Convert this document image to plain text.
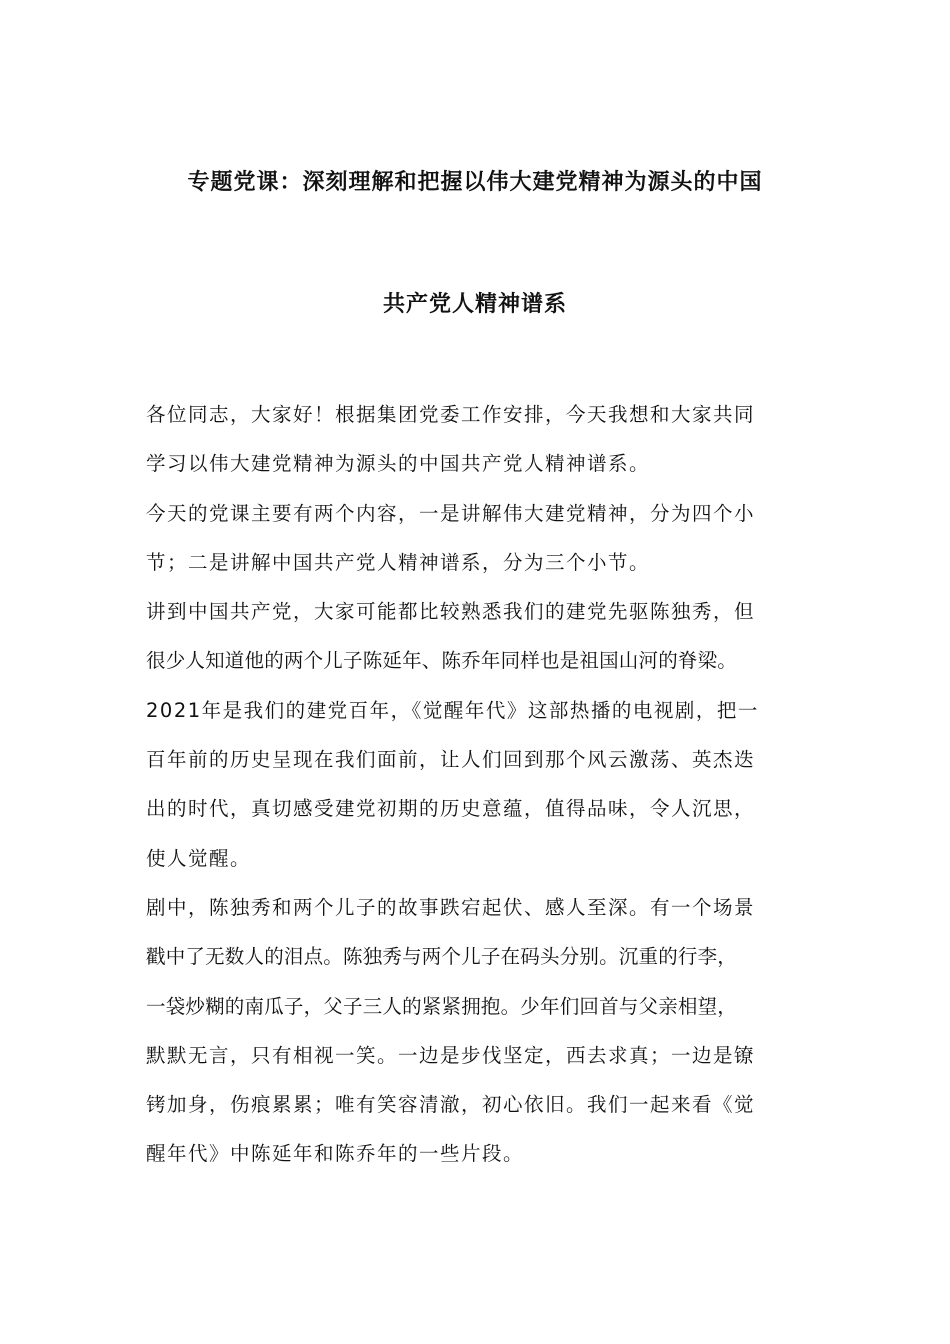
专题党课：深刻理解和把握以伟大建党精神为源头的中国
共产党人精神谱系
各位同志，大家好！根据集团党委工作安排，今天我想和大家共同
学习以伟大建党精神为源头的中国共产党人精神谱系。
今天的党课主要有两个内容，一是讲解伟大建党精神，分为四个小
节；二是讲解中国共产党人精神谱系，分为三个小节。
讲到中国共产党，大家可能都比较熟悉我们的建党先驱陈独秀，但
很少人知道他的两个儿子陈延年、陈乔年同样也是祖国山河的脊梁。
2021年是我们的建党百年，《觉醒年代》这部热播的电视剧，把一
百年前的历史呈现在我们面前，让人们回到那个风云激荡、英杰迭
出的时代，真切感受建党初期的历史意蕴，值得品味，令人沉思，
使人觉醒。
剧中，陈独秀和两个儿子的故事跌宕起伏、感人至深。有一个场景
戳中了无数人的泪点。陈独秀与两个儿子在码头分别。沉重的行李，
一袋炒糊的南瓜子，父子三人的紧紧拥抱。少年们回首与父亲相望，
默默无言，只有相视一笑。一边是步伐坚定，西去求真；一边是镣
铐加身，伤痕累累；唯有笑容清澈，初心依旧。我们一起来看《觉
醒年代》中陈延年和陈乔年的一些片段。
